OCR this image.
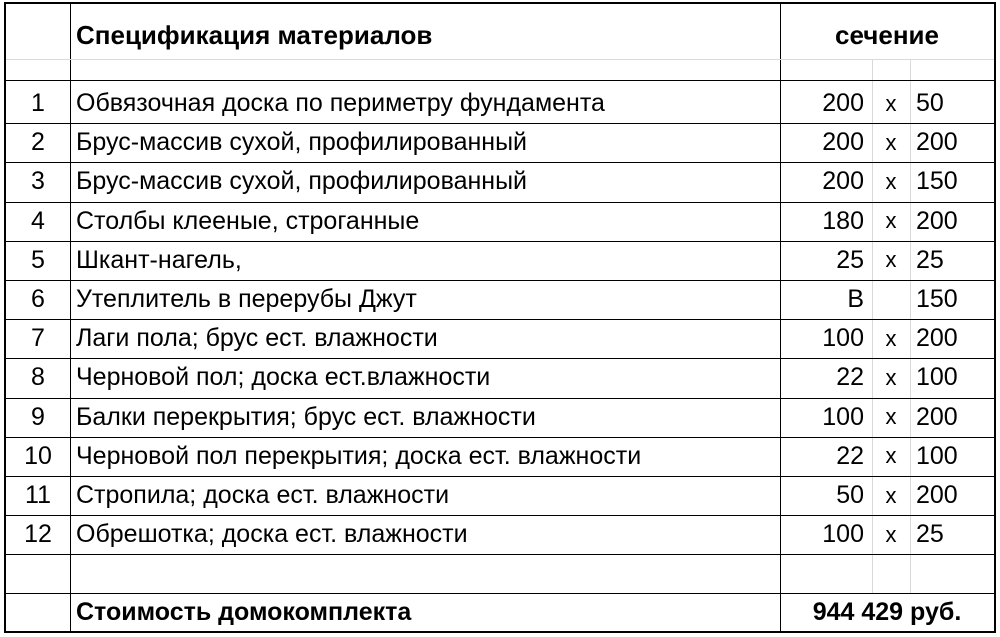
Спецификация материалов	сечение
1	Обвязочная доска по периметру фундамента	200 x 50
2	Брус-массив сухой, профилированный	200 x 200
3	Брус-массив сухой, профилированный	200 x 150
4	Столбы клееные, строганные	180 x 200
5	Шкант-нагель,	25 x 25
6	Утеплитель в перерубы Джут	B	150
7	Лаги пола; брус ест. влажности	100 x 200
8	Черновой пол; доска ест.влажности	22 x 100
9	Балки перекрытия; брус ест. влажности	100 x 200
10 Черновой пол перекрытия; доска ест. влажности	22 x 100
11	Стропила; доска ест. влажности	50 x 200
12 Обрешотка; доска ест. влажности	100 x 25
Стоимость домокомплекта	944 429 руб.
